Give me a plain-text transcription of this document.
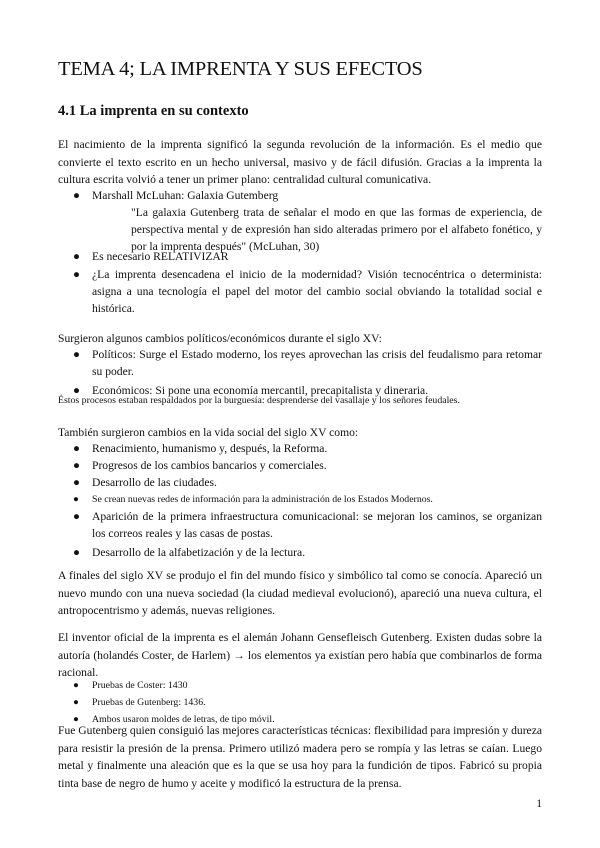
TEMA 4; LA IMPRENTA Y SUS EFECTOS
4.1 La imprenta en su contexto
El nacimiento de la imprenta significó la segunda revolución de la información. Es el medio que convierte el texto escrito en un hecho universal, masivo y de fácil difusión. Gracias a la imprenta la cultura escrita volvió a tener un primer plano: centralidad cultural comunicativa.
● Marshall McLuhan: Galaxia Gutemberg
"La galaxia Gutenberg trata de señalar el modo en que las formas de experiencia, de perspectiva mental y de expresión han sido alteradas primero por el alfabeto fonético, y por la imprenta después" (McLuhan, 30)
● Es necesario RELATIVIZAR
● ¿La imprenta desencadena el inicio de la modernidad? Visión tecnocéntrica o determinista: asigna a una tecnología el papel del motor del cambio social obviando la totalidad social e histórica.
Surgieron algunos cambios políticos/económicos durante el siglo XV:
● Políticos: Surge el Estado moderno, los reyes aprovechan las crisis del feudalismo para retomar su poder.
● Económicos: Si pone una economía mercantil, precapitalista y dineraria.
Éstos procesos estaban respaldados por la burguesía: desprenderse del vasallaje y los señores feudales.
También surgieron cambios en la vida social del siglo XV como:
● Renacimiento, humanismo y, después, la Reforma.
● Progresos de los cambios bancarios y comerciales.
● Desarrollo de las ciudades.
● Se crean nuevas redes de información para la administración de los Estados Modernos.
● Aparición de la primera infraestructura comunicacional: se mejoran los caminos, se organizan los correos reales y las casas de postas.
● Desarrollo de la alfabetización y de la lectura.
A finales del siglo XV se produjo el fin del mundo físico y simbólico tal como se conocía. Apareció un nuevo mundo con una nueva sociedad (la ciudad medieval evolucionó), apareció una nueva cultura, el antropocentrismo y además, nuevas religiones.
El inventor oficial de la imprenta es el alemán Johann Gensefleisch Gutenberg. Existen dudas sobre la autoría (holandés Coster, de Harlem) → los elementos ya existían pero había que combinarlos de forma racional.
● Pruebas de Coster: 1430
● Pruebas de Gutenberg: 1436.
● Ambos usaron moldes de letras, de tipo móvil.
Fue Gutenberg quien consiguió las mejores características técnicas: flexibilidad para impresión y dureza para resistir la presión de la prensa. Primero utilizó madera pero se rompía y las letras se caían. Luego metal y finalmente una aleación que es la que se usa hoy para la fundición de tipos. Fabricó su propia tinta base de negro de humo y aceite y modificó la estructura de la prensa.
1
